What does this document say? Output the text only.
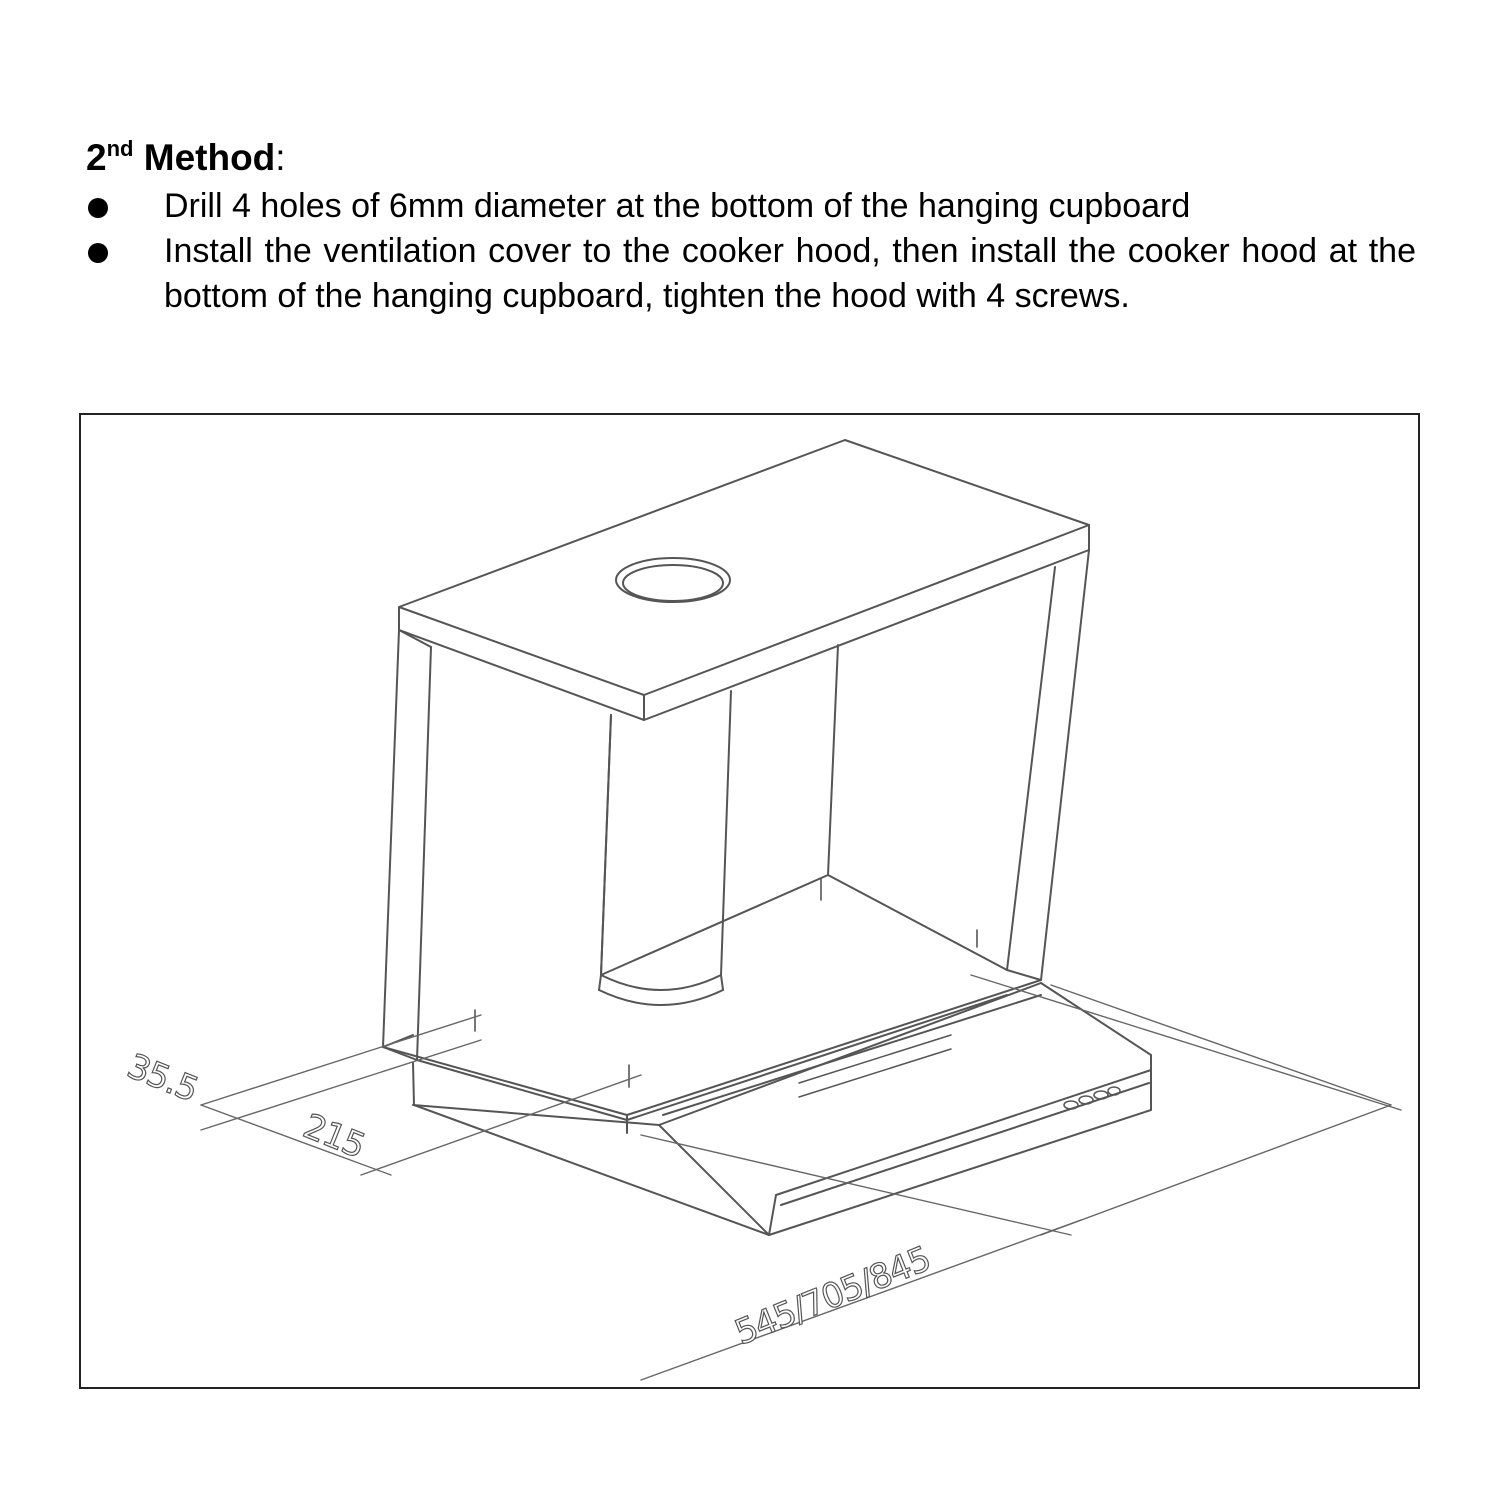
2nd Method:
Drill 4 holes of 6mm diameter at the bottom of the hanging cupboard
Install the ventilation cover to the cooker hood, then install the cooker hood at the bottom of the hanging cupboard, tighten the hood with 4 screws.
35.5
215
545/705/845
